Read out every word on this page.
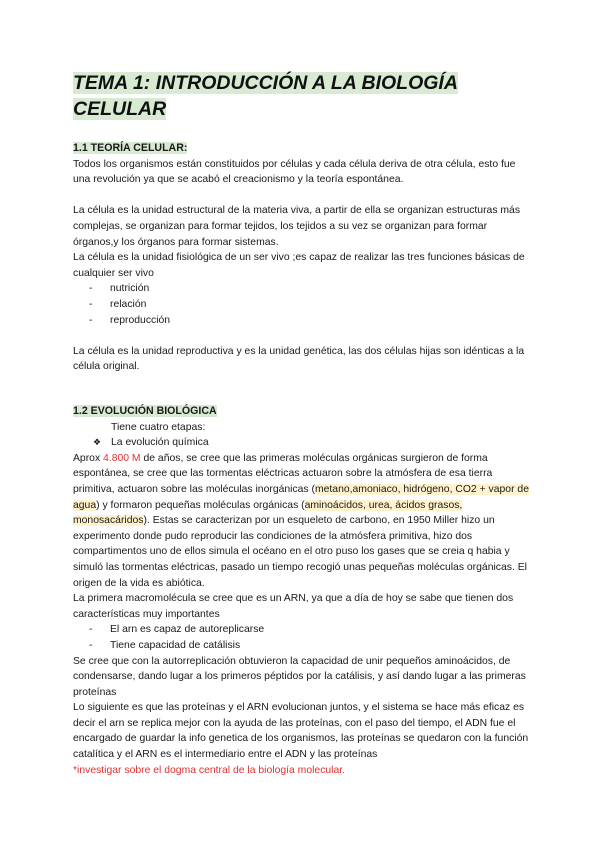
TEMA 1: INTRODUCCIÓN A LA BIOLOGÍA
CELULAR
1.1 TEORÍA CELULAR:

Todos los organismos están constituidos por células y cada célula deriva de otra célula, esto fue una revolución ya que se acabó el creacionismo y la teoría espontánea.

La célula es la unidad estructural de la materia viva, a partir de ella se organizan estructuras más complejas, se organizan para formar tejidos, los tejidos a su vez se organizan para formar órganos,y los órganos para formar sistemas.

La célula es la unidad fisiológica de un ser vivo ;es capaz de realizar las tres funciones básicas de cualquier ser vivo

- nutrición
- relación
- reproducción

La célula es la unidad reproductiva y es la unidad genética, las dos células hijas son idénticas a la célula original.

1.2 EVOLUCIÓN BIOLÓGICA

Tiene cuatro etapas:

❖ La evolución química

Aprox 4.800 M de años, se cree que las primeras moléculas orgánicas surgieron de forma espontánea, se cree que las tormentas eléctricas actuaron sobre la atmósfera de esa tierra primitiva, actuaron sobre las moléculas inorgánicas (metano,amoniaco, hidrógeno, CO2 + vapor de agua) y formaron pequeñas moléculas orgánicas (aminoácidos, urea, ácidos grasos, monosacáridos). Estas se caracterizan por un esqueleto de carbono, en 1950 Miller hizo un experimento donde pudo reproducir las condiciones de la atmósfera primitiva, hizo dos compartimentos uno de ellos simula el océano en el otro puso los gases que se creia q habia y simuló las tormentas eléctricas, pasado un tiempo recogió unas pequeñas moléculas orgánicas. El origen de la vida es abiótica.

La primera macromolécula se cree que es un ARN, ya que a día de hoy se sabe que tienen dos características muy importantes

- El arn es capaz de autoreplicarse
- Tiene capacidad de catálisis

Se cree que con la autorreplicación obtuvieron la capacidad de unir pequeños aminoácidos, de condensarse, dando lugar a los primeros péptidos por la catálisis, y así dando lugar a las primeras proteínas

Lo siguiente es que las proteínas y el ARN evolucionan juntos, y el sistema se hace más eficaz es decir el arn se replica mejor con la ayuda de las proteínas, con el paso del tiempo, el ADN fue el encargado de guardar la info genetica de los organismos, las proteínas se quedaron con la función catalítica y el ARN es el intermediario entre el ADN y las proteínas

*investigar sobre el dogma central de la biología molecular.
